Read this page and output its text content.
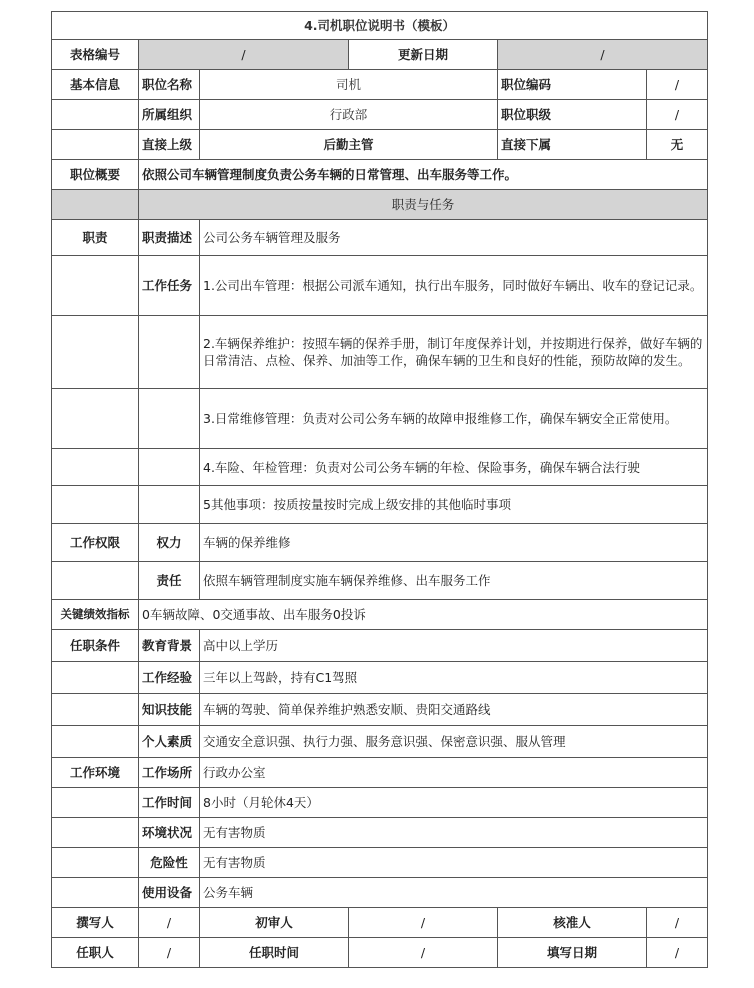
4.司机职位说明书（模板）					
表格编号	/		更新日期	/	
基本信息	职位名称	司机		职位编码	/
	所属组织	行政部		职位职级	/
	直接上级	后勤主管		直接下属	无
职位概要	依照公司车辆管理制度负责公务车辆的日常管理、出车服务等工作。				
	职责与任务				
职责	职责描述	公司公务车辆管理及服务			
	工作任务	1.公司出车管理：根据公司派车通知，执行出车服务，同时做好车辆出、收车的登记记录。			
		2.车辆保养维护：按照车辆的保养手册，制订年度保养计划，并按期进行保养，做好车辆的日常清洁、点检、保养、加油等工作，确保车辆的卫生和良好的性能，预防故障的发生。			
		3.日常维修管理：负责对公司公务车辆的故障申报维修工作，确保车辆安全正常使用。			
		4.车险、年检管理：负责对公司公务车辆的年检、保险事务，确保车辆合法行驶			
		5其他事项：按质按量按时完成上级安排的其他临时事项			
工作权限	权力	车辆的保养维修			
	责任	依照车辆管理制度实施车辆保养维修、出车服务工作			
关键绩效指标	0车辆故障、0交通事故、出车服务0投诉				
任职条件	教育背景	高中以上学历			
	工作经验	三年以上驾龄，持有C1驾照			
	知识技能	车辆的驾驶、简单保养维护熟悉安顺、贵阳交通路线			
	个人素质	交通安全意识强、执行力强、服务意识强、保密意识强、服从管理			
工作环境	工作场所	行政办公室			
	工作时间	8小时（月轮休4天）			
	环境状况	无有害物质			
	危险性	无有害物质			
	使用设备	公务车辆			
撰写人	/	初审人	/	核准人	/
任职人	/	任职时间	/	填写日期	/
